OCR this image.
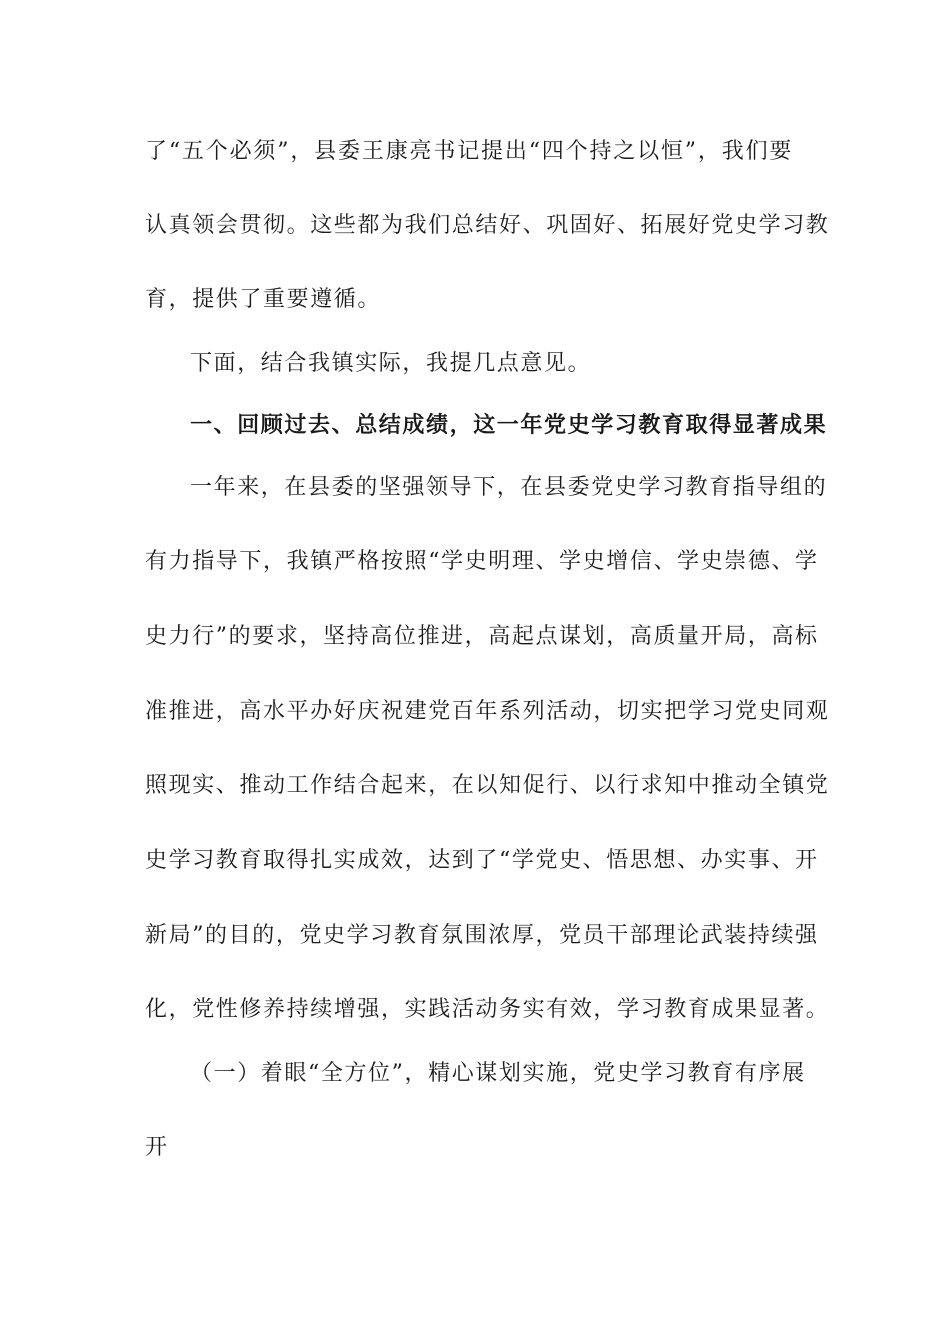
了“五个必须”，县委王康亮书记提出“四个持之以恒”，我们要
认真领会贯彻。这些都为我们总结好、巩固好、拓展好党史学习教
育，提供了重要遵循。
下面，结合我镇实际，我提几点意见。
一、回顾过去、总结成绩，这一年党史学习教育取得显著成果
一年来，在县委的坚强领导下，在县委党史学习教育指导组的
有力指导下，我镇严格按照“学史明理、学史增信、学史崇德、学
史力行”的要求，坚持高位推进，高起点谋划，高质量开局，高标
准推进，高水平办好庆祝建党百年系列活动，切实把学习党史同观
照现实、推动工作结合起来，在以知促行、以行求知中推动全镇党
史学习教育取得扎实成效，达到了“学党史、悟思想、办实事、开
新局”的目的，党史学习教育氛围浓厚，党员干部理论武装持续强
化，党性修养持续增强，实践活动务实有效，学习教育成果显著。
（一）着眼“全方位”，精心谋划实施，党史学习教育有序展
开
